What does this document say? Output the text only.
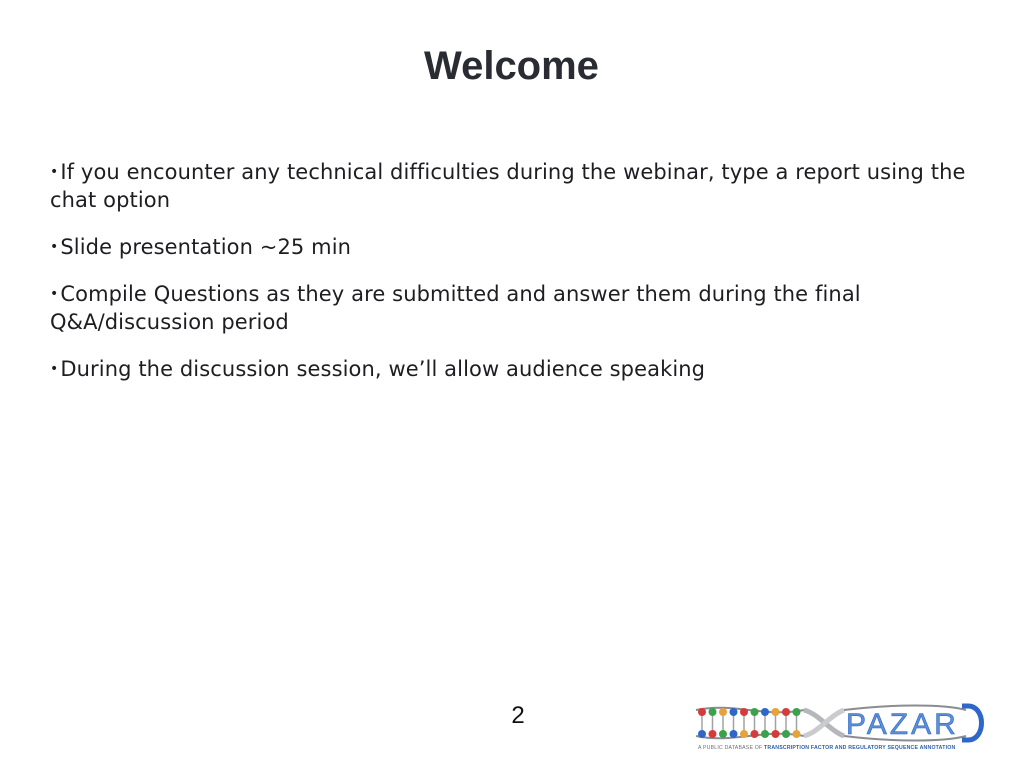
Welcome
•If you encounter any technical difficulties during the webinar, type a report using the chat option
•Slide presentation ~25 min
•Compile Questions as they are submitted and answer them during the final Q&A/discussion period
•During the discussion session, we’ll allow audience speaking
2	PAZAR
A PUBLIC DATABASE OF TRANSCRIPTION FACTOR AND REGULATORY SEQUENCE ANNOTATION
